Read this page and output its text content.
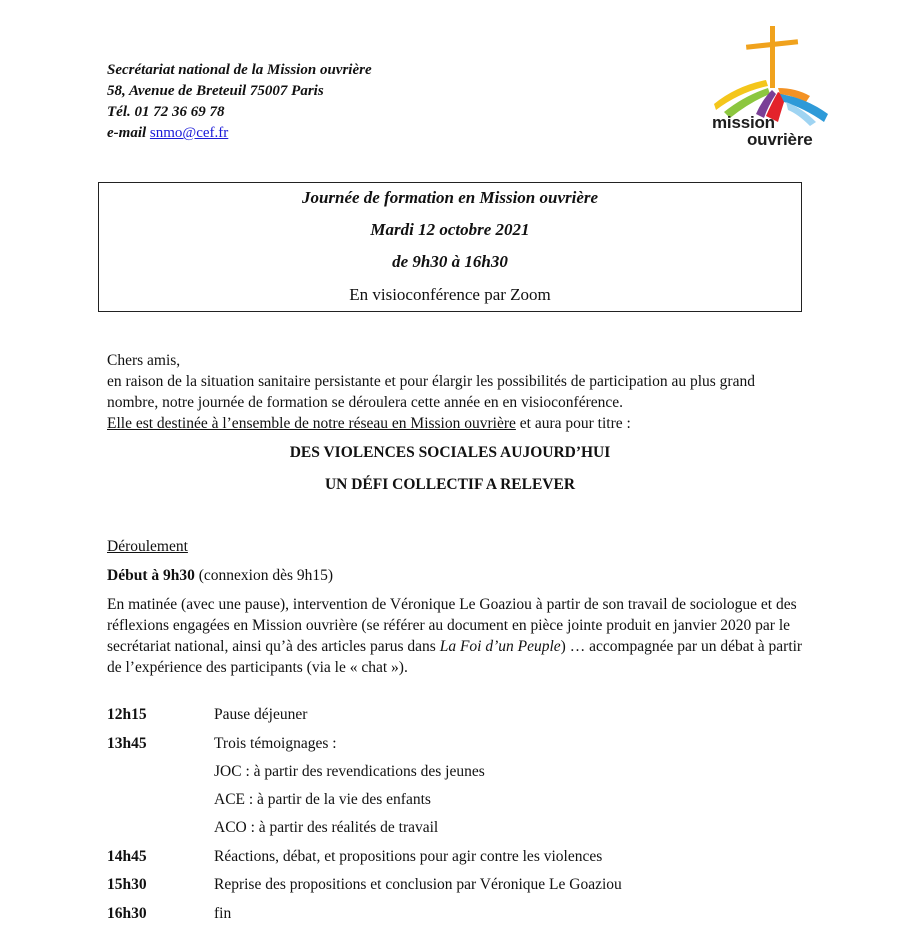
Secrétariat national de la Mission ouvrière
58, Avenue de Breteuil 75007 Paris
Tél. 01 72 36 69 78
e-mail snmo@cef.fr
mission
ouvrière
Journée de formation en Mission ouvrière
Mardi 12 octobre 2021
de 9h30 à 16h30
En visioconférence par Zoom
Chers amis,
en raison de la situation sanitaire persistante et pour élargir les possibilités de participation au plus grand nombre, notre journée de formation se déroulera cette année en en visioconférence.
Elle est destinée à l’ensemble de notre réseau en Mission ouvrière et aura pour titre :
DES VIOLENCES SOCIALES AUJOURD’HUI
UN DÉFI COLLECTIF A RELEVER
Déroulement
Début à 9h30 (connexion dès 9h15)
En matinée (avec une pause), intervention de Véronique Le Goaziou à partir de son travail de sociologue et des réflexions engagées en Mission ouvrière (se référer au document en pièce jointe produit en janvier 2020 par le secrétariat national, ainsi qu’à des articles parus dans La Foi d’un Peuple) … accompagnée par un débat à partir de l’expérience des participants (via le « chat »).
12h15	Pause déjeuner
13h45	Trois témoignages :
JOC : à partir des revendications des jeunes
ACE : à partir de la vie des enfants
ACO : à partir des réalités de travail
14h45	Réactions, débat, et propositions pour agir contre les violences
15h30	Reprise des propositions et conclusion par Véronique Le Goaziou
16h30	fin
